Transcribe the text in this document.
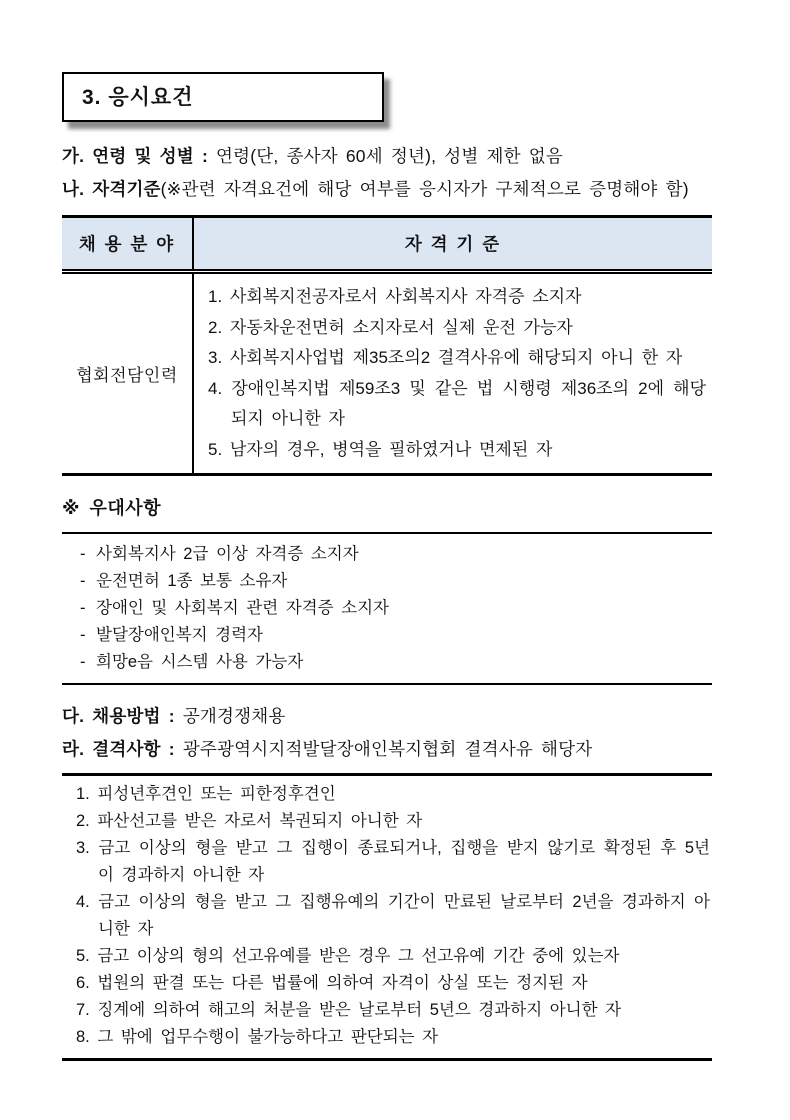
3. 응시요건
가. 연령 및 성별 : 연령(단, 종사자 60세 정년), 성별 제한 없음
나. 자격기준(※관련 자격요건에 해당 여부를 응시자가 구체적으로 증명해야 함)
채 용 분 야	자 격 기 준
협회전담인력
1. 사회복지전공자로서 사회복지사 자격증 소지자
2. 자동차운전면허 소지자로서 실제 운전 가능자
3. 사회복지사업법 제35조의2 결격사유에 해당되지 아니 한 자
4. 장애인복지법 제59조3 및 같은 법 시행령 제36조의 2에 해당되지 아니한 자
5. 남자의 경우, 병역을 필하였거나 면제된 자
※ 우대사항
- 사회복지사 2급 이상 자격증 소지자
- 운전면허 1종 보통 소유자
- 장애인 및 사회복지 관련 자격증 소지자
- 발달장애인복지 경력자
- 희망e음 시스템 사용 가능자
다. 채용방법 : 공개경쟁채용
라. 결격사항 : 광주광역시지적발달장애인복지협회 결격사유 해당자
1. 피성년후견인 또는 피한정후견인
2. 파산선고를 받은 자로서 복권되지 아니한 자
3. 금고 이상의 형을 받고 그 집행이 종료되거나, 집행을 받지 않기로 확정된 후 5년이 경과하지 아니한 자
4. 금고 이상의 형을 받고 그 집행유예의 기간이 만료된 날로부터 2년을 경과하지 아니한 자
5. 금고 이상의 형의 선고유예를 받은 경우 그 선고유예 기간 중에 있는자
6. 법원의 판결 또는 다른 법률에 의하여 자격이 상실 또는 정지된 자
7. 징계에 의하여 해고의 처분을 받은 날로부터 5년으 경과하지 아니한 자
8. 그 밖에 업무수행이 불가능하다고 판단되는 자
